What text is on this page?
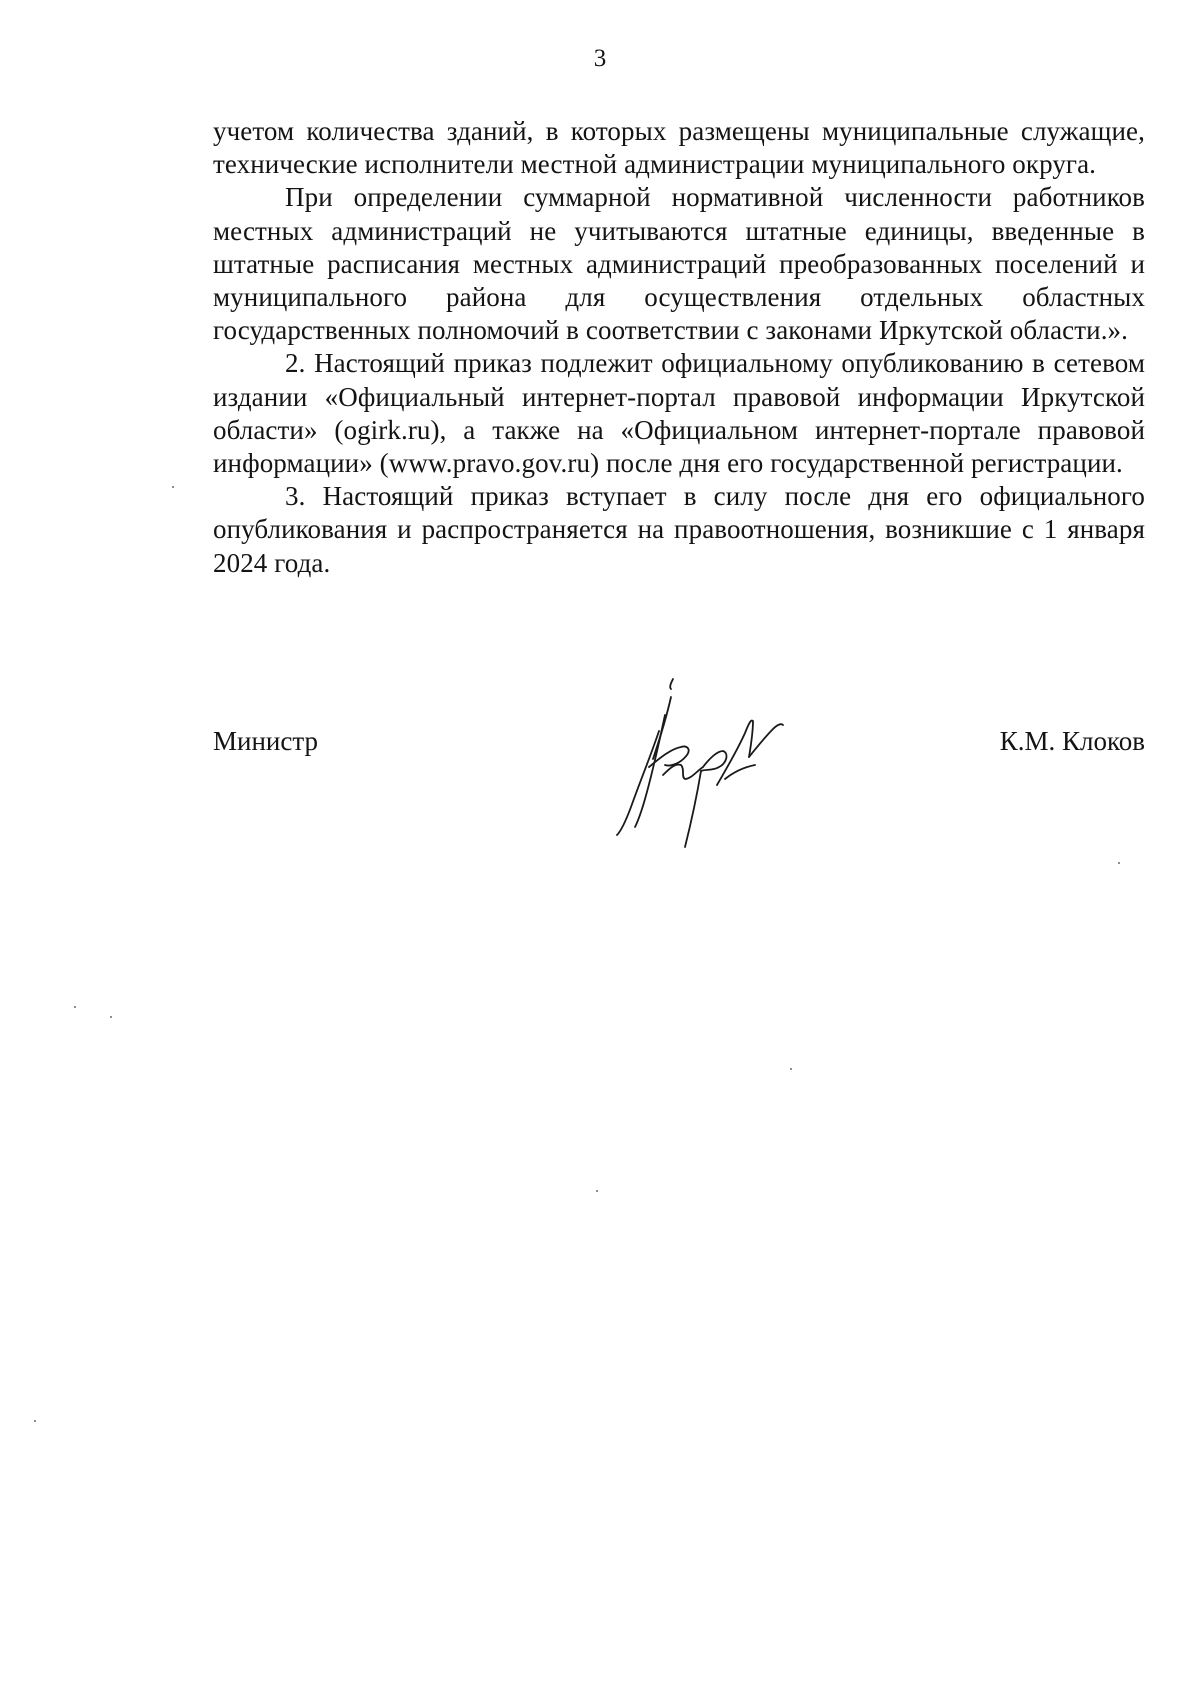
3

учетом количества зданий, в которых размещены муниципальные служащие, технические исполнители местной администрации муниципального округа.

При определении суммарной нормативной численности работников местных администраций не учитываются штатные единицы, введенные в штатные расписания местных администраций преобразованных поселений и муниципального района для осуществления отдельных областных государственных полномочий в соответствии с законами Иркутской области.».

2. Настоящий приказ подлежит официальному опубликованию в сетевом издании «Официальный интернет-портал правовой информации Иркутской области» (ogirk.ru), а также на «Официальном интернет-портале правовой информации» (www.pravo.gov.ru) после дня его государственной регистрации.

3. Настоящий приказ вступает в силу после дня его официального опубликования и распространяется на правоотношения, возникшие с 1 января 2024 года.

Министр	К.М. Клоков
